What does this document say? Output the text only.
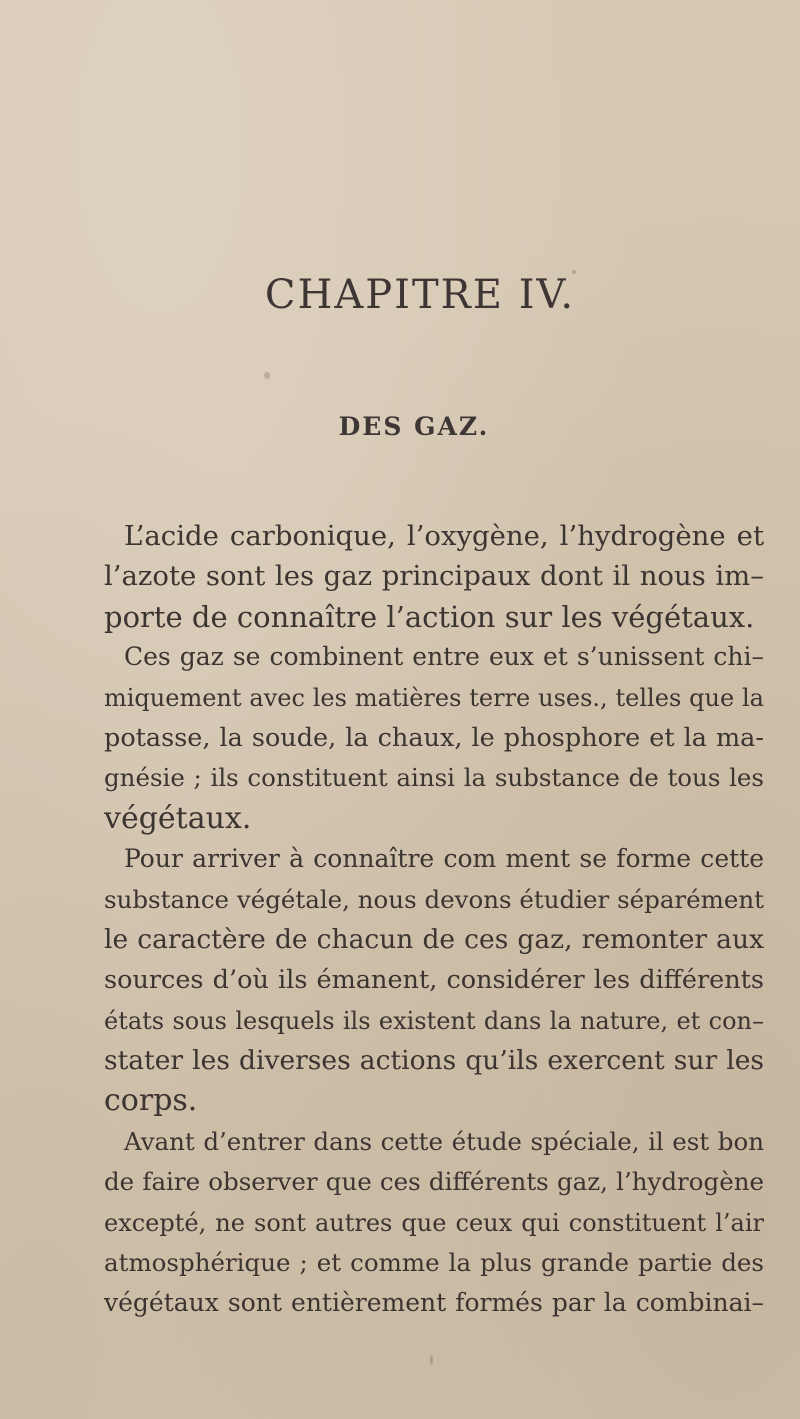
CHAPITRE IV.
DES GAZ.
L’acide carbonique, l’oxygène, l’hydrogène et
l’azote sont les gaz principaux dont il nous im–
porte de connaître l’action sur les végétaux.
Ces gaz se combinent entre eux et s’unissent chi–
miquement avec les matières terre uses., telles que la
potasse, la soude, la chaux, le phosphore et la ma-
gnésie ; ils constituent ainsi la substance de tous les
végétaux.
Pour arriver à connaître com ment se forme cette
substance végétale, nous devons étudier séparément
le caractère de chacun de ces gaz, remonter aux
sources d’où ils émanent, considérer les différents
états sous lesquels ils existent dans la nature, et con–
stater les diverses actions qu’ils exercent sur les
corps.
Avant d’entrer dans cette étude spéciale, il est bon
de faire observer que ces différents gaz, l’hydrogène
excepté, ne sont autres que ceux qui constituent l’air
atmosphérique ; et comme la plus grande partie des
végétaux sont entièrement formés par la combinai–
